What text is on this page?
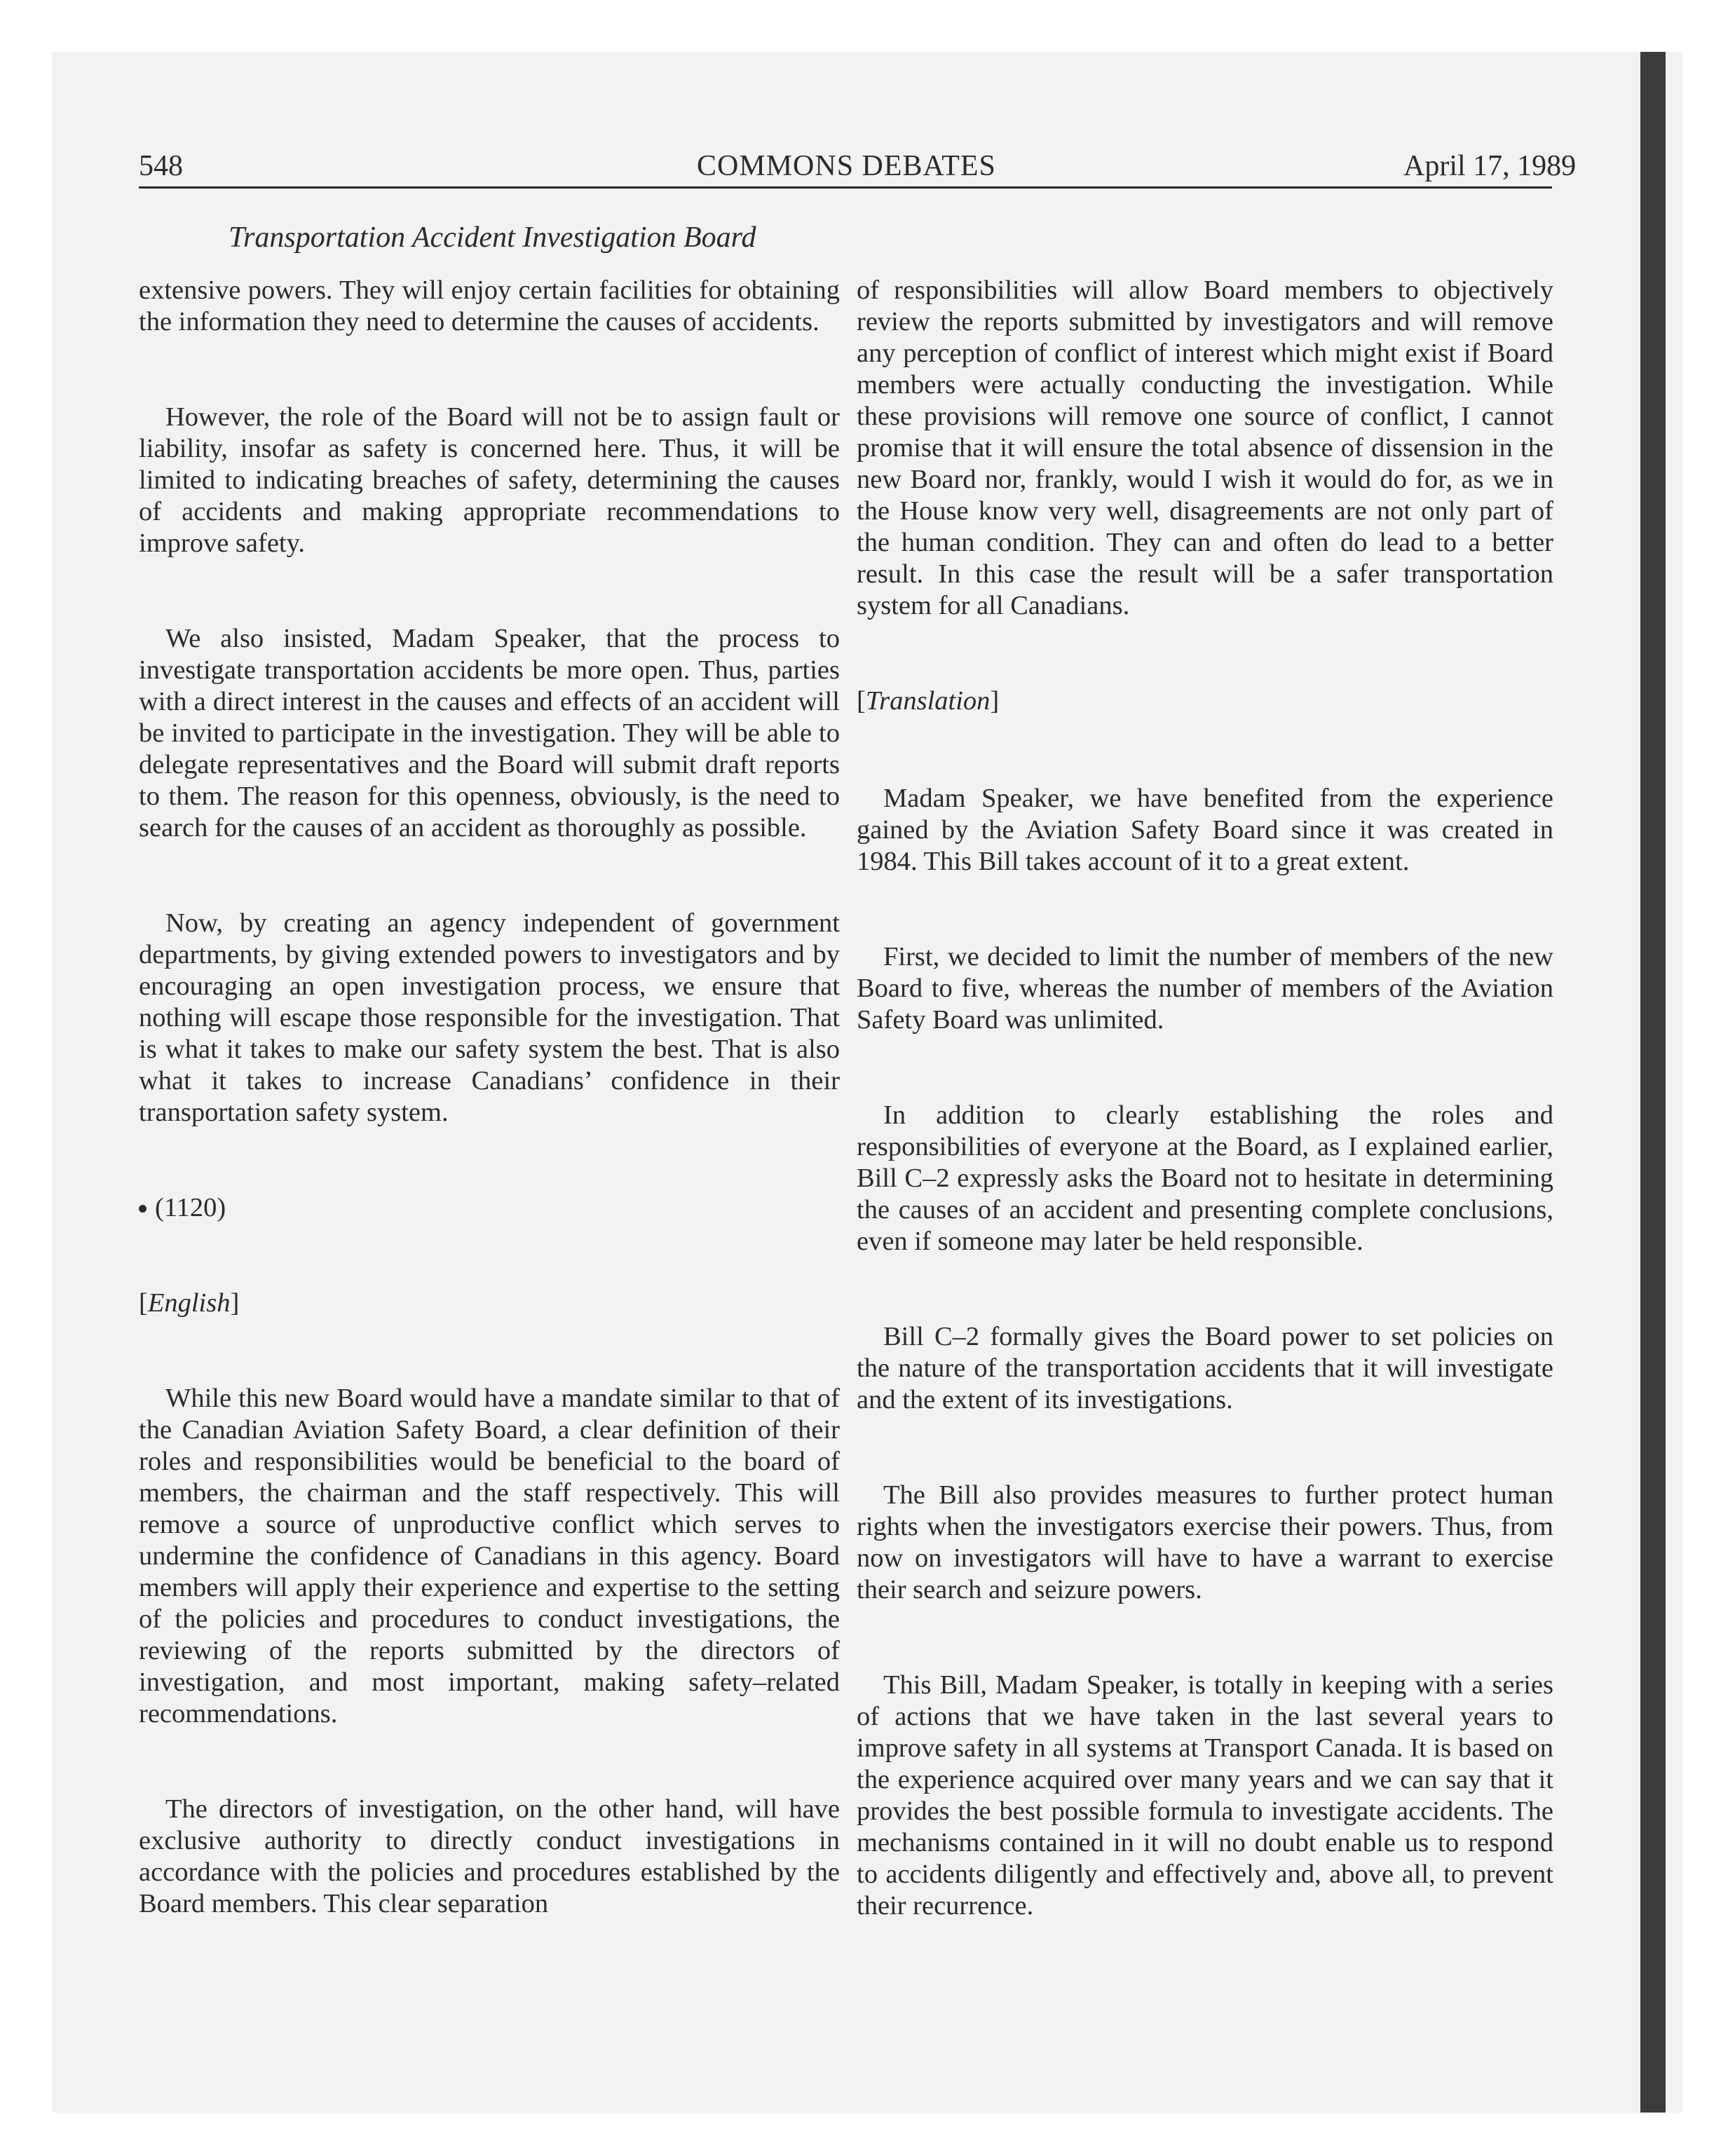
548	COMMONS DEBATES	April 17, 1989
Transportation Accident Investigation Board

extensive powers. They will enjoy certain facilities for obtaining the information they need to determine the causes of accidents.

However, the role of the Board will not be to assign fault or liability, insofar as safety is concerned here. Thus, it will be limited to indicating breaches of safety, determining the causes of accidents and making appropriate recommendations to improve safety.

We also insisted, Madam Speaker, that the process to investigate transportation accidents be more open. Thus, parties with a direct interest in the causes and effects of an accident will be invited to participate in the investigation. They will be able to delegate representatives and the Board will submit draft reports to them. The reason for this openness, obviously, is the need to search for the causes of an accident as thoroughly as possible.

Now, by creating an agency independent of government departments, by giving extended powers to investigators and by encouraging an open investigation process, we ensure that nothing will escape those responsible for the investigation. That is what it takes to make our safety system the best. That is also what it takes to increase Canadians’ confidence in their transportation safety system.

(1120)

[English]

While this new Board would have a mandate similar to that of the Canadian Aviation Safety Board, a clear definition of their roles and responsibilities would be beneficial to the board of members, the chairman and the staff respectively. This will remove a source of unproductive conflict which serves to undermine the confidence of Canadians in this agency. Board members will apply their experience and expertise to the setting of the policies and procedures to conduct investigations, the reviewing of the reports submitted by the directors of investigation, and most important, making safety–related recommendations.

The directors of investigation, on the other hand, will have exclusive authority to directly conduct investigations in accordance with the policies and procedures established by the Board members. This clear separation

of responsibilities will allow Board members to objectively review the reports submitted by investigators and will remove any perception of conflict of interest which might exist if Board members were actually conducting the investigation. While these provisions will remove one source of conflict, I cannot promise that it will ensure the total absence of dissension in the new Board nor, frankly, would I wish it would do for, as we in the House know very well, disagreements are not only part of the human condition. They can and often do lead to a better result. In this case the result will be a safer transportation system for all Canadians.

[Translation]

Madam Speaker, we have benefited from the experience gained by the Aviation Safety Board since it was created in 1984. This Bill takes account of it to a great extent.

First, we decided to limit the number of members of the new Board to five, whereas the number of members of the Aviation Safety Board was unlimited.

In addition to clearly establishing the roles and responsibilities of everyone at the Board, as I explained earlier, Bill C–2 expressly asks the Board not to hesitate in determining the causes of an accident and presenting complete conclusions, even if someone may later be held responsible.

Bill C–2 formally gives the Board power to set policies on the nature of the transportation accidents that it will investigate and the extent of its investigations.

The Bill also provides measures to further protect human rights when the investigators exercise their powers. Thus, from now on investigators will have to have a warrant to exercise their search and seizure powers.

This Bill, Madam Speaker, is totally in keeping with a series of actions that we have taken in the last several years to improve safety in all systems at Transport Canada. It is based on the experience acquired over many years and we can say that it provides the best possible formula to investigate accidents. The mechanisms contained in it will no doubt enable us to respond to accidents diligently and effectively and, above all, to prevent their recurrence.
